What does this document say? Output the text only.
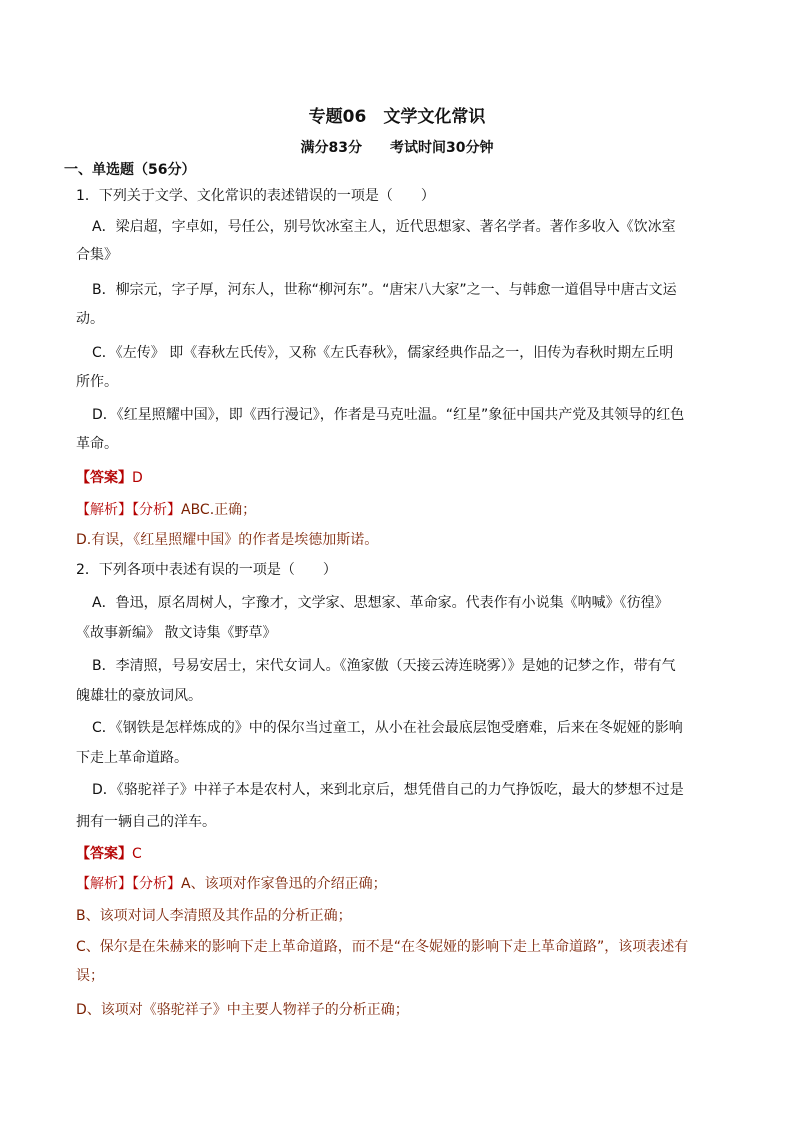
专题06　文学文化常识
满分83分　　考试时间30分钟
一、单选题（56分）
1．下列关于文学、文化常识的表述错误的一项是（　　）
A．梁启超，字卓如，号任公，别号饮冰室主人，近代思想家、著名学者。著作多收入《饮冰室
合集》
B．柳宗元，字子厚，河东人，世称“柳河东”。“唐宋八大家”之一、与韩愈一道倡导中唐古文运
动。
C．《左传》 即《春秋左氏传》，又称《左氏春秋》，儒家经典作品之一，旧传为春秋时期左丘明
所作。
D．《红星照耀中国》，即《西行漫记》，作者是马克吐温。“红星”象征中国共产党及其领导的红色
革命。
【答案】D
【解析】【分析】ABC.正确；
D.有误，《红星照耀中国》的作者是埃德加斯诺。
2．下列各项中表述有误的一项是（　　）
A．鲁迅，原名周树人，字豫才，文学家、思想家、革命家。代表作有小说集《呐喊》《彷徨》
《故事新编》 散文诗集《野草》
B．李清照，号易安居士，宋代女词人。《渔家傲（天接云涛连晓雾）》是她的记梦之作，带有气
魄雄壮的豪放词风。
C．《钢铁是怎样炼成的》中的保尔当过童工，从小在社会最底层饱受磨难，后来在冬妮娅的影响
下走上革命道路。
D．《骆驼祥子》中祥子本是农村人，来到北京后，想凭借自己的力气挣饭吃，最大的梦想不过是
拥有一辆自己的洋车。
【答案】C
【解析】【分析】A、该项对作家鲁迅的介绍正确；
B、该项对词人李清照及其作品的分析正确；
C、保尔是在朱赫来的影响下走上革命道路，而不是“在冬妮娅的影响下走上革命道路”，该项表述有
误；
D、该项对《骆驼祥子》中主要人物祥子的分析正确；
